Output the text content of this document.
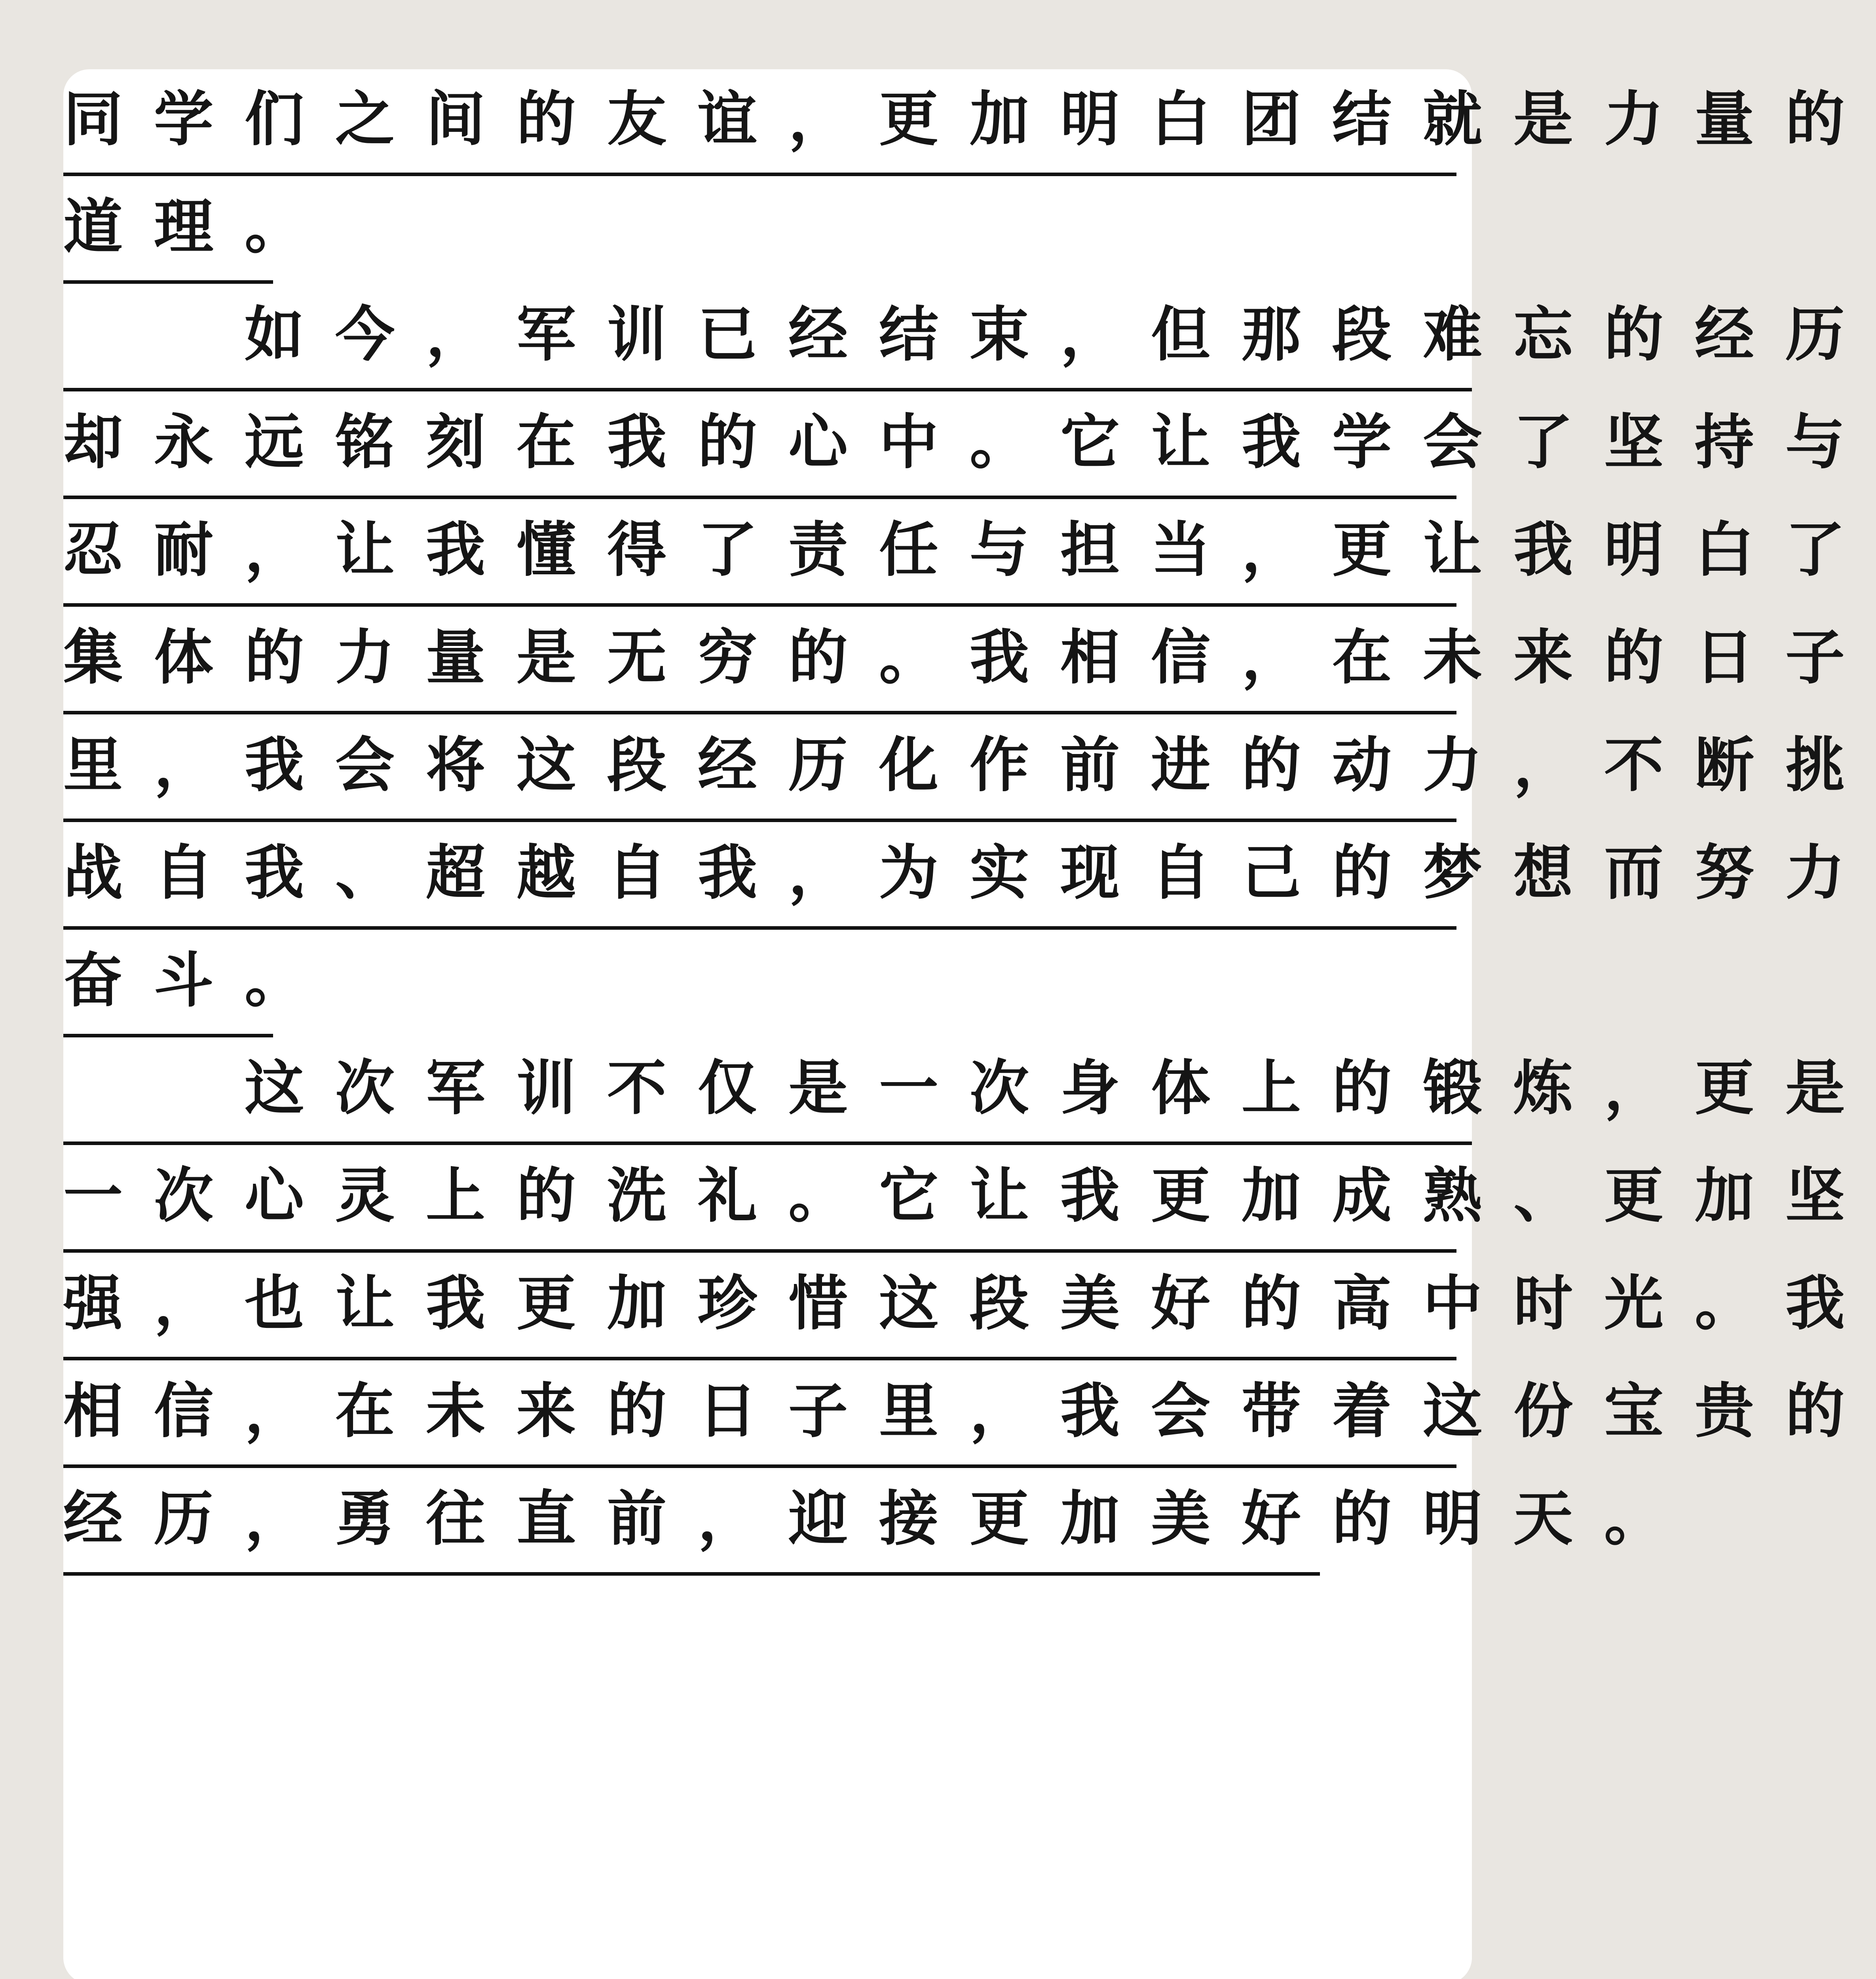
同学们之间的友谊，更加明白团结就是力量的
道理。
　　如今，军训已经结束，但那段难忘的经历
却永远铭刻在我的心中。它让我学会了坚持与
忍耐，让我懂得了责任与担当，更让我明白了
集体的力量是无穷的。我相信，在未来的日子
里，我会将这段经历化作前进的动力，不断挑
战自我、超越自我，为实现自己的梦想而努力
奋斗。
　　这次军训不仅是一次身体上的锻炼，更是
一次心灵上的洗礼。它让我更加成熟、更加坚
强，也让我更加珍惜这段美好的高中时光。我
相信，在未来的日子里，我会带着这份宝贵的
经历，勇往直前，迎接更加美好的明天。
